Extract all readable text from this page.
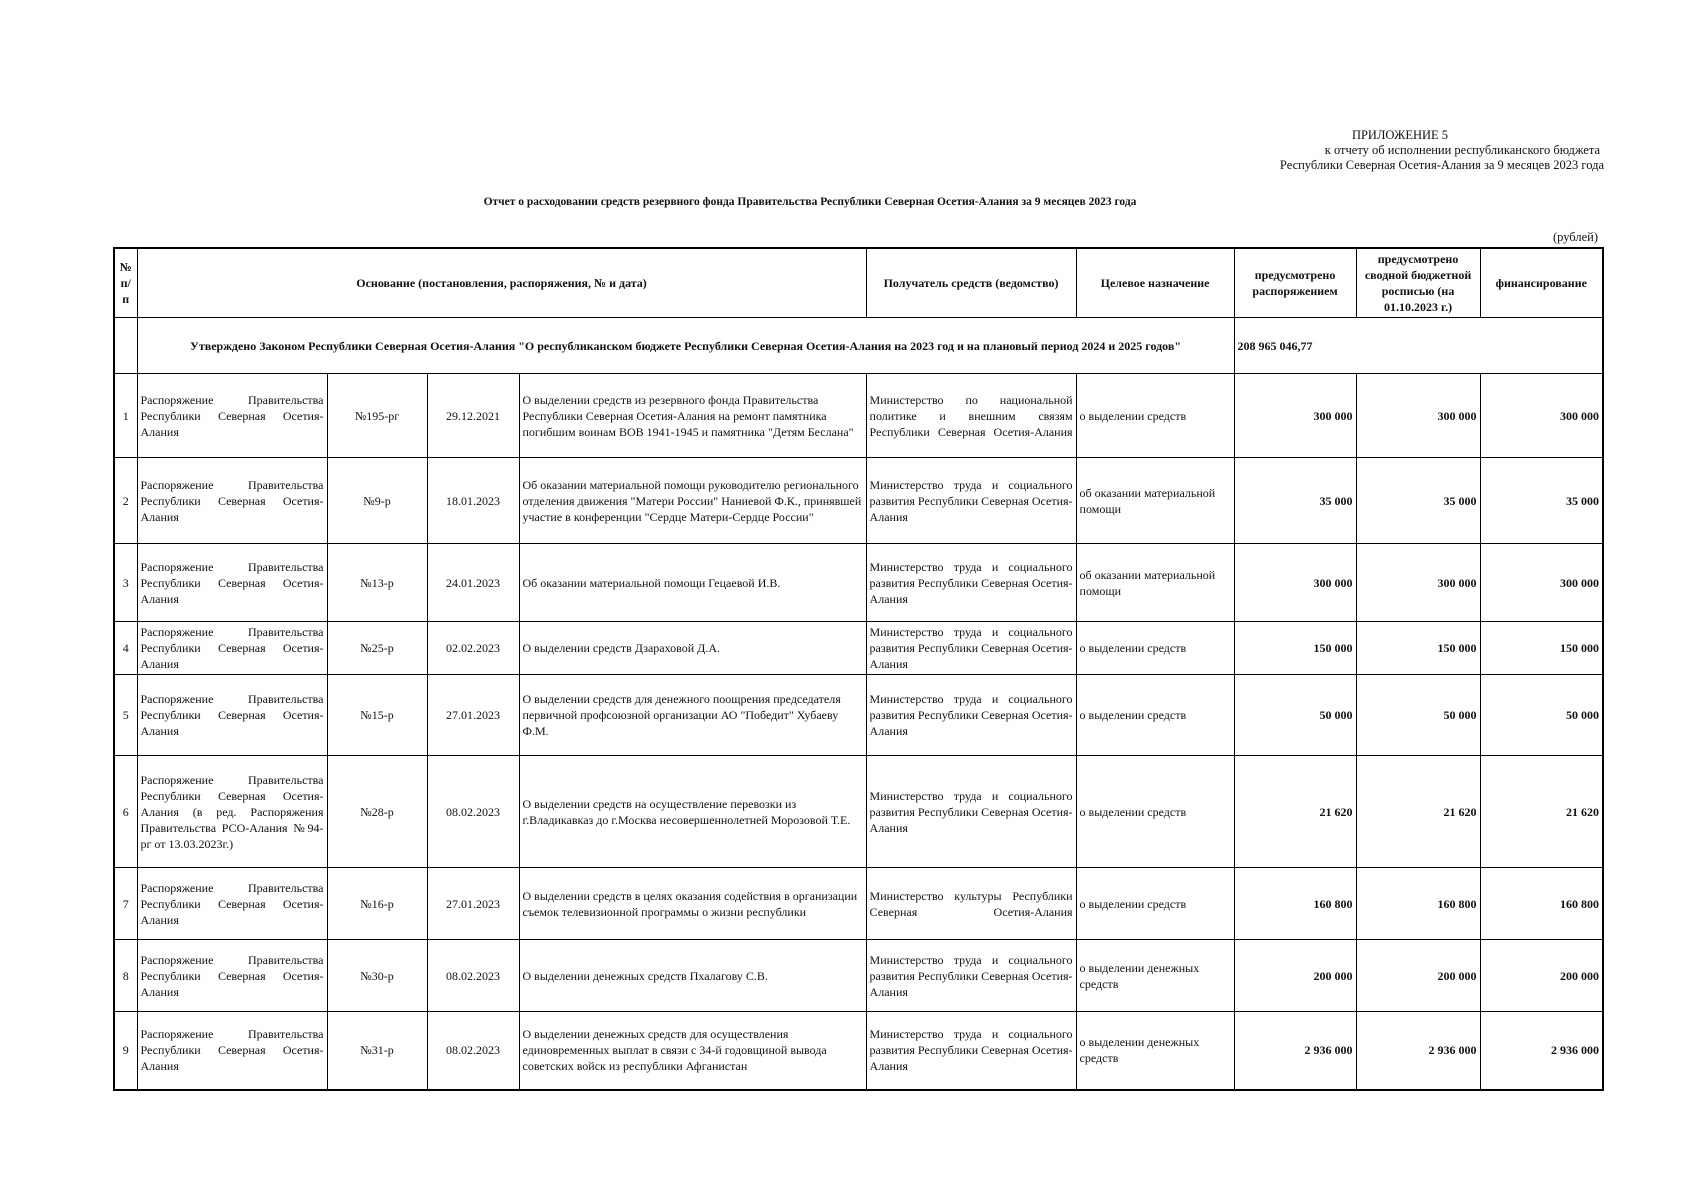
ПРИЛОЖЕНИЕ 5
к отчету об исполнении республиканского бюджета
Республики Северная Осетия-Алания за 9 месяцев 2023 года
Отчет о расходовании средств резервного фонда Правительства Республики Северная Осетия-Алания за 9 месяцев 2023 года
(рублей)
№ п/п	Основание (постановления, распоряжения, № и дата)				Получатель средств (ведомство)	Целевое назначение	предусмотрено распоряжением	предусмотрено сводной бюджетной росписью (на 01.10.2023 г.)	финансирование
	Утверждено Законом Республики Северная Осетия-Алания "О республиканском бюджете Республики Северная Осетия-Алания на 2023 год и на плановый период 2024 и 2025 годов"						208 965 046,77		
1	Распоряжение Правительства Республики Северная Осетия-Алания	№195-рг	29.12.2021	О выделении средств из резервного фонда Правительства Республики Северная Осетия-Алания на ремонт памятника погибшим воинам ВОВ 1941-1945 и памятника "Детям Беслана"	Министерство по национальной политике и внешним связям Республики Северная Осетия-Алания	о выделении средств	300 000	300 000	300 000
2	Распоряжение Правительства Республики Северная Осетия-Алания	№9-р	18.01.2023	Об оказании материальной помощи руководителю регионального отделения движения "Матери России" Наниевой Ф.К., принявшей участие в конференции "Сердце Матери-Сердце России"	Министерство труда и социального развития Республики Северная Осетия-Алания	об оказании материальной помощи	35 000	35 000	35 000
3	Распоряжение Правительства Республики Северная Осетия-Алания	№13-р	24.01.2023	Об оказании материальной помощи Гецаевой И.В.	Министерство труда и социального развития Республики Северная Осетия-Алания	об оказании материальной помощи	300 000	300 000	300 000
4	Распоряжение Правительства Республики Северная Осетия-Алания	№25-р	02.02.2023	О выделении средств Дзараховой Д.А.	Министерство труда и социального развития Республики Северная Осетия-Алания	о выделении средств	150 000	150 000	150 000
5	Распоряжение Правительства Республики Северная Осетия-Алания	№15-р	27.01.2023	О выделении средств для денежного поощрения председателя первичной профсоюзной организации АО "Победит" Хубаеву Ф.М.	Министерство труда и социального развития Республики Северная Осетия-Алания	о выделении средств	50 000	50 000	50 000
6	Распоряжение Правительства Республики Северная Осетия-Алания (в ред. Распоряжения Правительства РСО-Алания №94-рг от 13.03.2023г.)	№28-р	08.02.2023	О выделении средств на осуществление перевозки из г.Владикавказ до г.Москва несовершеннолетней Морозовой Т.Е.	Министерство труда и социального развития Республики Северная Осетия-Алания	о выделении средств	21 620	21 620	21 620
7	Распоряжение Правительства Республики Северная Осетия-Алания	№16-р	27.01.2023	О выделении средств в целях оказания содействия в организации съемок телевизионной программы о жизни республики	Министерство культуры Республики Северная Осетия-Алания	о выделении средств	160 800	160 800	160 800
8	Распоряжение Правительства Республики Северная Осетия-Алания	№30-р	08.02.2023	О выделении денежных средств Пхалагову С.В.	Министерство труда и социального развития Республики Северная Осетия-Алания	о выделении денежных средств	200 000	200 000	200 000
9	Распоряжение Правительства Республики Северная Осетия-Алания	№31-р	08.02.2023	О выделении денежных средств для осуществления единовременных выплат в связи с 34-й годовщиной вывода советских войск из республики Афганистан	Министерство труда и социального развития Республики Северная Осетия-Алания	о выделении денежных средств	2 936 000	2 936 000	2 936 000
